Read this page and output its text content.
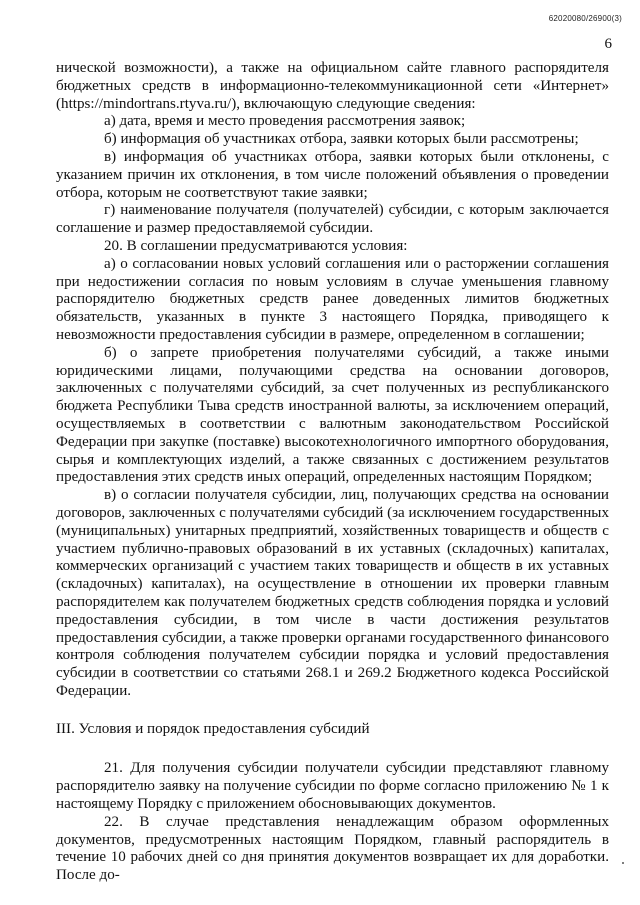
62020080/26900(3)
6

нической возможности), а также на официальном сайте главного распорядителя бюджетных средств в информационно-телекоммуникационной сети «Интернет» (https://mindortrans.rtyva.ru/), включающую следующие сведения:

а) дата, время и место проведения рассмотрения заявок;

б) информация об участниках отбора, заявки которых были рассмотрены;

в) информация об участниках отбора, заявки которых были отклонены, с указанием причин их отклонения, в том числе положений объявления о проведении отбора, которым не соответствуют такие заявки;

г) наименование получателя (получателей) субсидии, с которым заключается соглашение и размер предоставляемой субсидии.

20. В соглашении предусматриваются условия:

а) о согласовании новых условий соглашения или о расторжении соглашения при недостижении согласия по новым условиям в случае уменьшения главному распорядителю бюджетных средств ранее доведенных лимитов бюджетных обязательств, указанных в пункте 3 настоящего Порядка, приводящего к невозможности предоставления субсидии в размере, определенном в соглашении;

б) о запрете приобретения получателями субсидий, а также иными юридическими лицами, получающими средства на основании договоров, заключенных с получателями субсидий, за счет полученных из республиканского бюджета Республики Тыва средств иностранной валюты, за исключением операций, осуществляемых в соответствии с валютным законодательством Российской Федерации при закупке (поставке) высокотехнологичного импортного оборудования, сырья и комплектующих изделий, а также связанных с достижением результатов предоставления этих средств иных операций, определенных настоящим Порядком;

в) о согласии получателя субсидии, лиц, получающих средства на основании договоров, заключенных с получателями субсидий (за исключением государственных (муниципальных) унитарных предприятий, хозяйственных товариществ и обществ с участием публично-правовых образований в их уставных (складочных) капиталах, коммерческих организаций с участием таких товариществ и обществ в их уставных (складочных) капиталах), на осуществление в отношении их проверки главным распорядителем как получателем бюджетных средств соблюдения порядка и условий предоставления субсидии, в том числе в части достижения результатов предоставления субсидии, а также проверки органами государственного финансового контроля соблюдения получателем субсидии порядка и условий предоставления субсидии в соответствии со статьями 268.1 и 269.2 Бюджетного кодекса Российской Федерации.

III. Условия и порядок предоставления субсидий

21. Для получения субсидии получатели субсидии представляют главному распорядителю заявку на получение субсидии по форме согласно приложению № 1 к настоящему Порядку с приложением обосновывающих документов.

22. В случае представления ненадлежащим образом оформленных документов, предусмотренных настоящим Порядком, главный распорядитель в течение 10 рабочих дней со дня принятия документов возвращает их для доработки. После до-
